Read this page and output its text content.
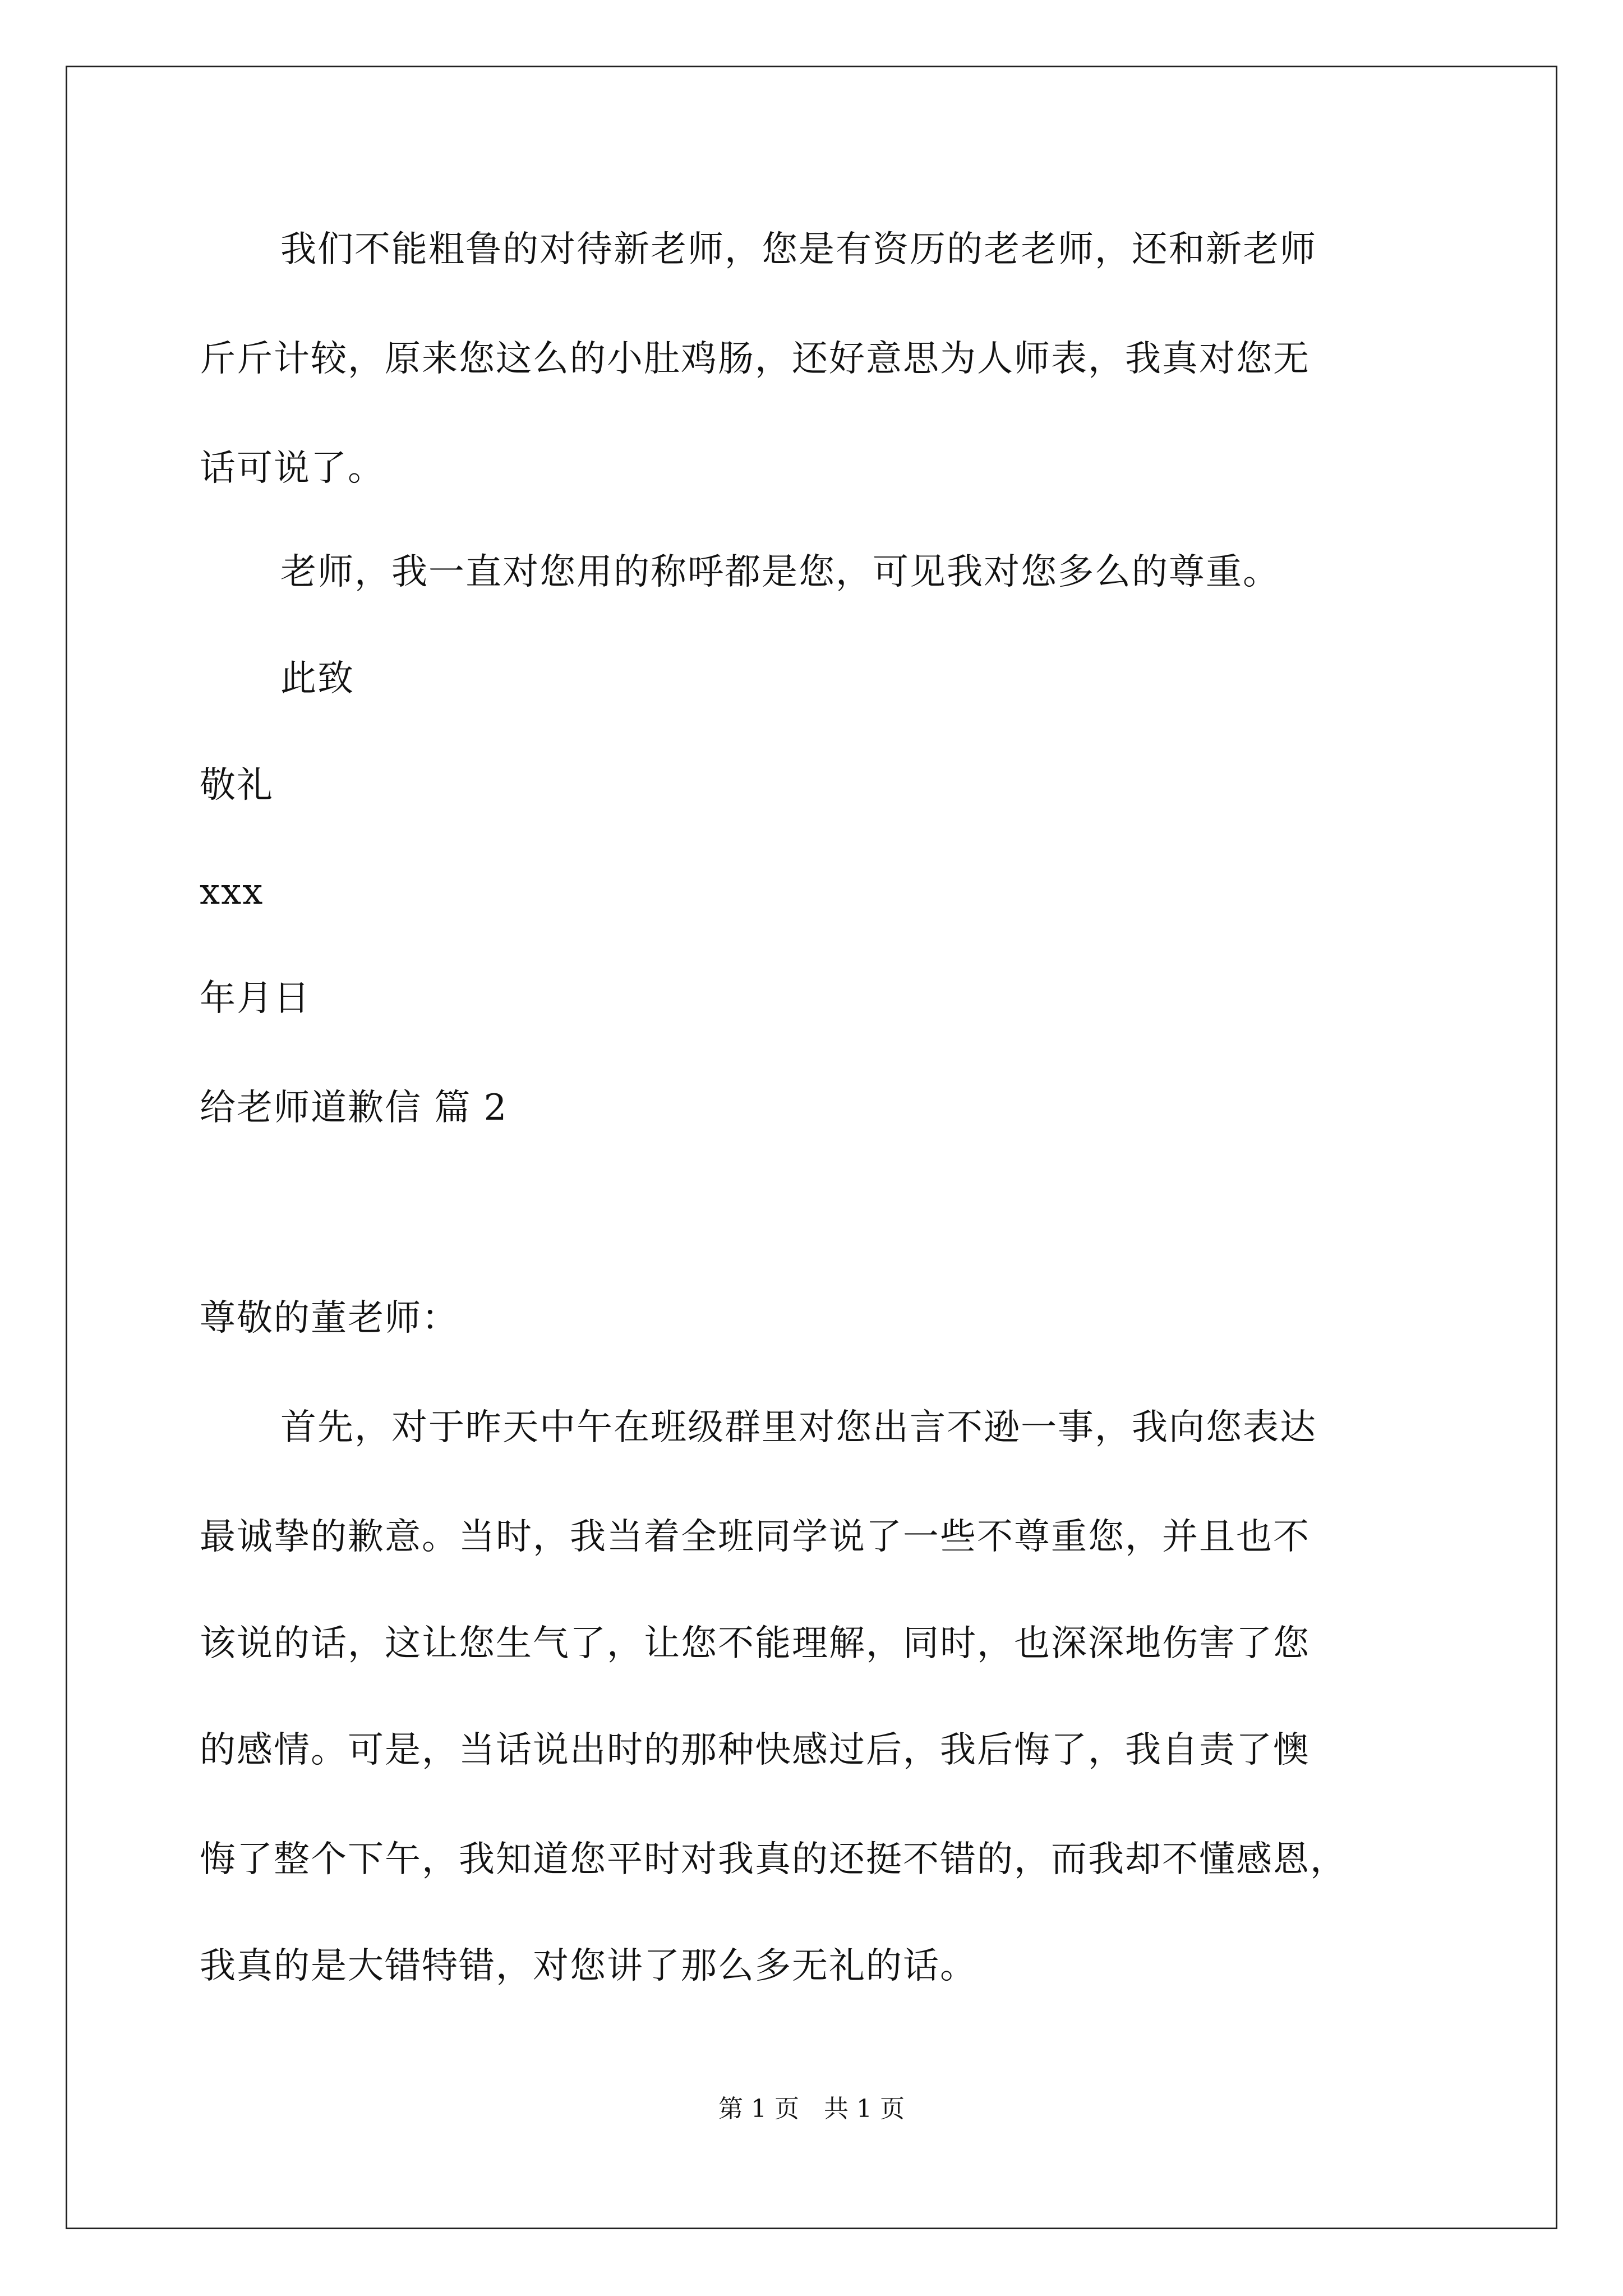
我们不能粗鲁的对待新老师，您是有资历的老老师，还和新老师
斤斤计较，原来您这么的小肚鸡肠，还好意思为人师表，我真对您无
话可说了。
老师，我一直对您用的称呼都是您，可见我对您多么的尊重。
此致
敬礼
xxx
年月日
给老师道歉信 篇 2
尊敬的董老师：
首先，对于昨天中午在班级群里对您出言不逊一事，我向您表达
最诚挚的歉意。当时，我当着全班同学说了一些不尊重您，并且也不
该说的话，这让您生气了，让您不能理解，同时，也深深地伤害了您
的感情。可是，当话说出时的那种快感过后，我后悔了，我自责了懊
悔了整个下午，我知道您平时对我真的还挺不错的，而我却不懂感恩，
我真的是大错特错，对您讲了那么多无礼的话。
第 1 页　共 1 页
